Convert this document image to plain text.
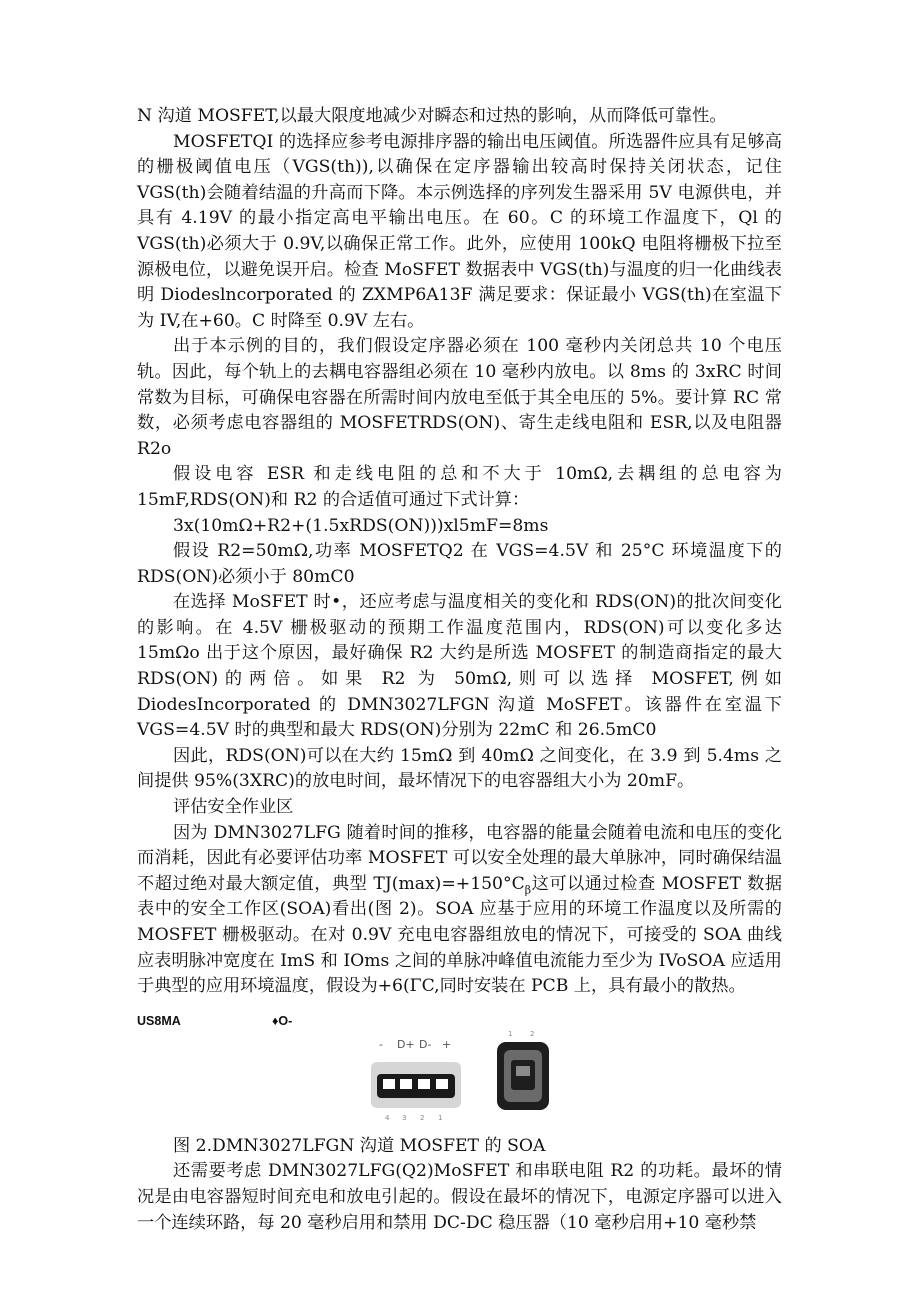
N 沟道 MOSFET,以最大限度地减少对瞬态和过热的影响，从而降低可靠性。

MOSFETQI 的选择应参考电源排序器的输出电压阈值。所选器件应具有足够高的栅极阈值电压（VGS(th)),以确保在定序器输出较高时保持关闭状态，记住VGS(th)会随着结温的升高而下降。本示例选择的序列发生器采用 5V 电源供电，并具有 4.19V 的最小指定高电平输出电压。在 60。C 的环境工作温度下，Ql 的 VGS(th)必须大于 0.9V,以确保正常工作。此外，应使用 100kQ 电阻将栅极下拉至源极电位，以避免误开启。检查 MoSFET 数据表中 VGS(th)与温度的归一化曲线表明 Diodeslncorporated 的 ZXMP6A13F 满足要求：保证最小 VGS(th)在室温下为 IV,在+60。C 时降至 0.9V 左右。

出于本示例的目的，我们假设定序器必须在 100 毫秒内关闭总共 10 个电压轨。因此，每个轨上的去耦电容器组必须在 10 毫秒内放电。以 8ms 的 3xRC 时间常数为目标，可确保电容器在所需时间内放电至低于其全电压的 5%。要计算 RC 常数，必须考虑电容器组的 MOSFETRDS(ON)、寄生走线电阻和 ESR,以及电阻器 R2o

假设电容 ESR 和走线电阻的总和不大于 10mΩ,去耦组的总电容为 15mF,RDS(ON)和 R2 的合适值可通过下式计算：

3x(10mΩ+R2+(1.5xRDS(ON)))xl5mF=8ms

假设 R2=50mΩ,功率 MOSFETQ2 在 VGS=4.5V 和 25°C 环境温度下的 RDS(ON)必须小于 80mC0

在选择 MoSFET 时•，还应考虑与温度相关的变化和 RDS(ON)的批次间变化的影响。在 4.5V 栅极驱动的预期工作温度范围内，RDS(ON)可以变化多达 15mΩo 出于这个原因，最好确保 R2 大约是所选 MOSFET 的制造商指定的最大 RDS(ON)的两倍。如果 R2 为 50mΩ,则可以选择 MOSFET,例如 DiodesIncorporated 的 DMN3027LFGN 沟道 MoSFET。该器件在室温下 VGS=4.5V 时的典型和最大 RDS(ON)分别为 22mC 和 26.5mC0

因此，RDS(ON)可以在大约 15mΩ 到 40mΩ 之间变化，在 3.9 到 5.4ms 之间提供 95%(3XRC)的放电时间，最坏情况下的电容器组大小为 20mF。

评估安全作业区

因为 DMN3027LFG 随着时间的推移，电容器的能量会随着电流和电压的变化而消耗，因此有必要评估功率 MOSFET 可以安全处理的最大单脉冲，同时确保结温不超过绝对最大额定值，典型 $TJ(\max)=+150^\circ C_\beta$这可以通过检查 MOSFET 数据表中的安全工作区(SOA)看出(图 2)。SOA 应基于应用的环境工作温度以及所需的 MOSFET 栅极驱动。在对 0.9V 充电电容器组放电的情况下，可接受的 SOA 曲线应表明脉冲宽度在 ImS 和 IOms 之间的单脉冲峰值电流能力至少为 IVoSOA 应适用于典型的应用环境温度，假设为+6(ΓC,同时安装在 PCB 上，具有最小的散热。

US8MA	♦O-
- D+ D- +
4 3 2 1
1	2

图 2.DMN3027LFGN 沟道 MOSFET 的 SOA

还需要考虑 DMN3027LFG(Q2)MoSFET 和串联电阻 R2 的功耗。最坏的情况是由电容器短时间充电和放电引起的。假设在最坏的情况下，电源定序器可以进入一个连续环路，每 20 毫秒启用和禁用 DC-DC 稳压器（10 毫秒启用+10 毫秒禁
